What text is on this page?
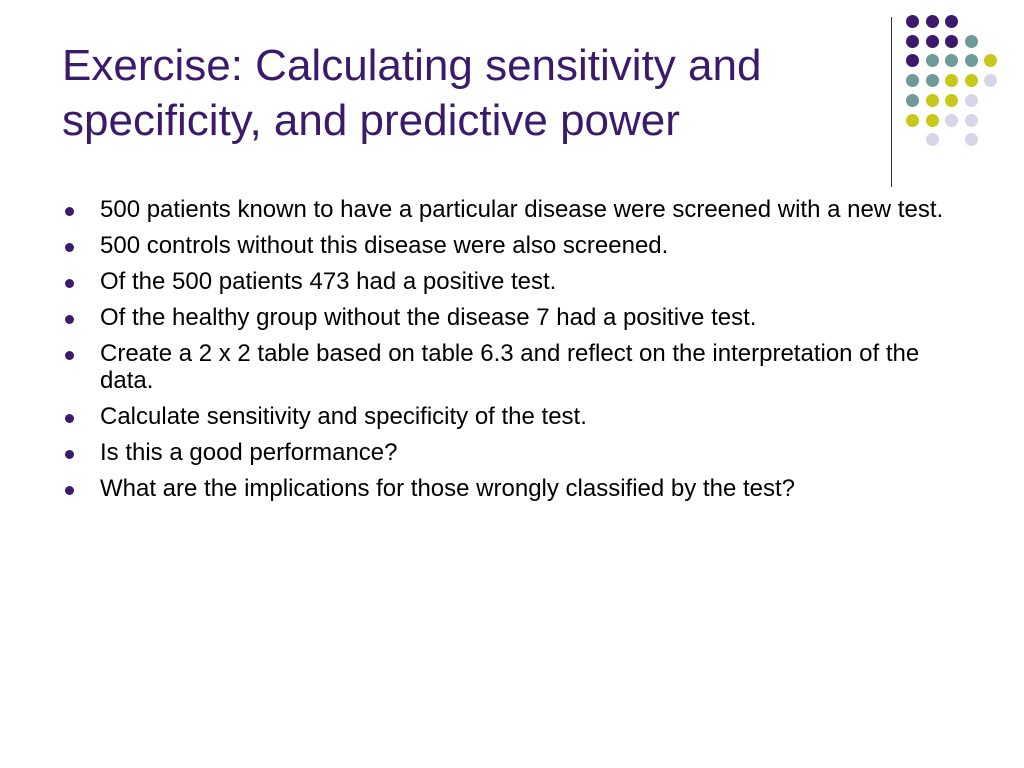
Exercise: Calculating sensitivity and
specificity, and predictive power
500 patients known to have a particular disease were screened with a new test.
500 controls without this disease were also screened.
Of the 500 patients 473 had a positive test.
Of the healthy group without the disease 7 had a positive test.
Create a 2 x 2 table based on table 6.3 and reflect on the interpretation of the data.
Calculate sensitivity and specificity of the test.
Is this a good performance?
What are the implications for those wrongly classified by the test?
